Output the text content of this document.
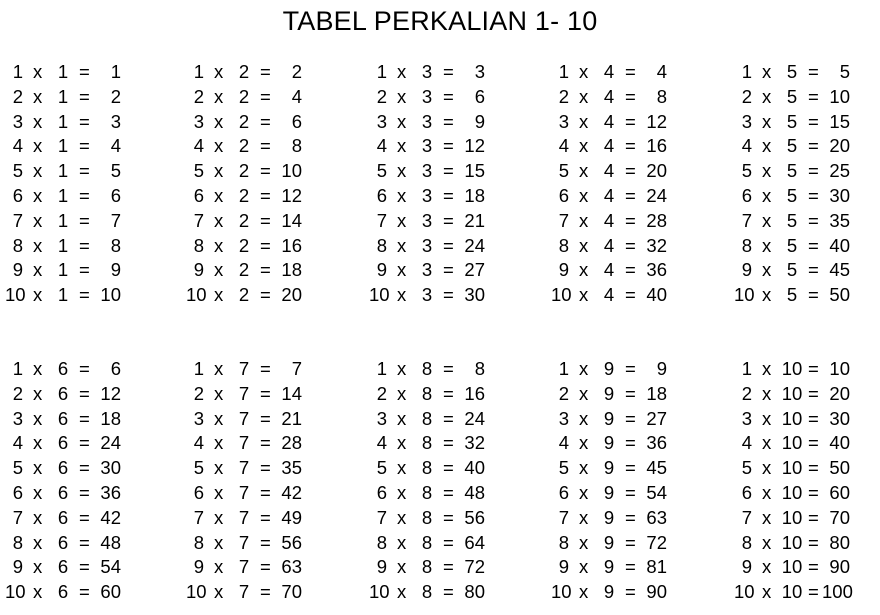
TABEL PERKALIAN 1- 10
1 x 1 =	1
2 x 1 =	2
3 x 1 =	3
4 x 1 =	4
5 x 1 =	5
6 x 1 =	6
7 x 1 =	7
8 x 1 =	8
9 x 1 =	9
10 x 1 = 10
1 x 2 =	2
2 x 2 =	4
3 x 2 =	6
4 x 2 =	8
5 x 2 = 10
6 x 2 = 12
7 x 2 = 14
8 x 2 = 16
9 x 2 = 18
10 x 2 = 20
1 x 3 =	3
2 x 3 =	6
3 x 3 =	9
4 x 3 = 12
5 x 3 = 15
6 x 3 = 18
7 x 3 = 21
8 x 3 = 24
9 x 3 = 27
10 x 3 = 30
1 x 4 =	4
2 x 4 =	8
3 x 4 = 12
4 x 4 = 16
5 x 4 = 20
6 x 4 = 24
7 x 4 = 28
8 x 4 = 32
9 x 4 = 36
10 x 4 = 40
1 x 5 =	5
2 x 5 = 10
3 x 5 = 15
4 x 5 = 20
5 x 5 = 25
6 x 5 = 30
7 x 5 = 35
8 x 5 = 40
9 x 5 = 45
10 x 5 = 50
1 x 6 =	6
2 x 6 = 12
3 x 6 = 18
4 x 6 = 24
5 x 6 = 30
6 x 6 = 36
7 x 6 = 42
8 x 6 = 48
9 x 6 = 54
10 x 6 = 60
1 x 7 =	7
2 x 7 = 14
3 x 7 = 21
4 x 7 = 28
5 x 7 = 35
6 x 7 = 42
7 x 7 = 49
8 x 7 = 56
9 x 7 = 63
10 x 7 = 70
1 x 8 =	8
2 x 8 = 16
3 x 8 = 24
4 x 8 = 32
5 x 8 = 40
6 x 8 = 48
7 x 8 = 56
8 x 8 = 64
9 x 8 = 72
10 x 8 = 80
1 x 9 =	9
2 x 9 = 18
3 x 9 = 27
4 x 9 = 36
5 x 9 = 45
6 x 9 = 54
7 x 9 = 63
8 x 9 = 72
9 x 9 = 81
10 x 9 = 90
1 x 10 = 10
2 x 10 = 20
3 x 10 = 30
4 x 10 = 40
5 x 10 = 50
6 x 10 = 60
7 x 10 = 70
8 x 10 = 80
9 x 10 = 90
10 x 10 = 100
